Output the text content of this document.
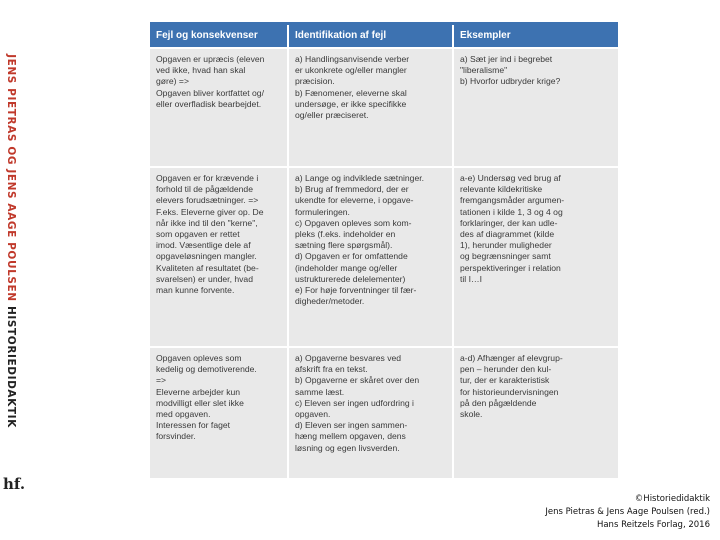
JENS PIETRAS OG JENS AAGE POULSEN HISTORIEDIDAKTIK
hf.
Fejl og konsekvenser	Identifikation af fejl	Eksempler
Opgaven er upræcis (eleven
ved ikke, hvad han skal
gøre) =>
Opgaven bliver kortfattet og/
eller overfladisk bearbejdet.
a) Handlingsanvisende verber
er ukonkrete og/eller mangler
præcision.
b) Fænomener, eleverne skal
undersøge, er ikke specifikke
og/eller præciseret.
a) Sæt jer ind i begrebet
"liberalisme"
b) Hvorfor udbryder krige?
Opgaven er for krævende i
forhold til de pågældende
elevers forudsætninger. =>
F.eks. Eleverne giver op. De
når ikke ind til den "kerne",
som opgaven er rettet
imod. Væsentlige dele af
opgaveløsningen mangler.
Kvaliteten af resultatet (be-
svarelsen) er under, hvad
man kunne forvente.
a) Lange og indviklede sætninger.
b) Brug af fremmedord, der er
ukendte for eleverne, i opgave-
formuleringen.
c) Opgaven opleves som kom-
pleks (f.eks. indeholder en
sætning flere spørgsmål).
d) Opgaven er for omfattende
(indeholder mange og/eller
ustrukturerede delelementer)
e) For høje forventninger til fær-
digheder/metoder.
a-e) Undersøg ved brug af
relevante kildekritiske
fremgangsmåder argumen-
tationen i kilde 1, 3 og 4 og
forklaringer, der kan udle-
des af diagrammet (kilde
1), herunder muligheder
og begrænsninger samt
perspektiveringer i relation
til I…I
Opgaven opleves som
kedelig og demotiverende.
=>
Eleverne arbejder kun
modvilligt eller slet ikke
med opgaven.
Interessen for faget
forsvinder.
a) Opgaverne besvares ved
afskrift fra en tekst.
b) Opgaverne er skåret over den
samme læst.
c) Eleven ser ingen udfordring i
opgaven.
d) Eleven ser ingen sammen-
hæng mellem opgaven, dens
løsning og egen livsverden.
a-d) Afhænger af elevgrup-
pen – herunder den kul-
tur, der er karakteristisk
for historieundervisningen
på den pågældende
skole.
©Historiedidaktik
Jens Pietras & Jens Aage Poulsen (red.)
Hans Reitzels Forlag, 2016
